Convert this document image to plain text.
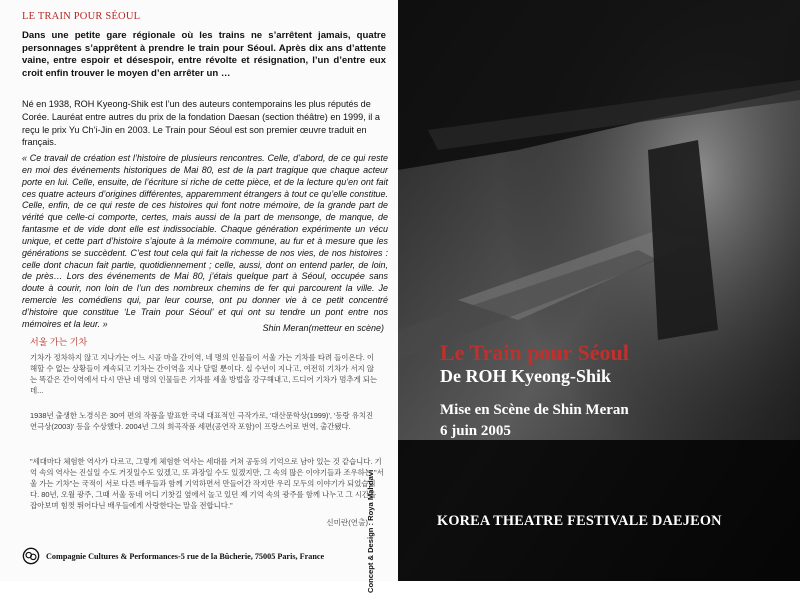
LE TRAIN POUR SÉOUL
Dans une petite gare régionale où les trains ne s’arrêtent jamais, quatre personnages s’apprêtent à prendre le train pour Séoul. Après dix ans d’attente vaine, entre espoir et désespoir, entre révolte et résignation, l’un d’entre eux croit enfin trouver le moyen d’en arrêter un …
Né en 1938, ROH Kyeong-Shik est l’un des auteurs contemporains les plus réputés de Corée. Lauréat entre autres du prix de la fondation Daesan (section théâtre) en 1999, il a reçu le prix Yu Ch’i-Jin en 2003. Le Train pour Séoul est son premier œuvre traduit en français.
« Ce travail de création est l’histoire de plusieurs rencontres. Celle, d’abord, de ce qui reste en moi des événements historiques de Mai 80, est de la part tragique que chaque acteur porte en lui. Celle, ensuite, de l’écriture si riche de cette pièce, et de la lecture qu’en ont fait ces quatre acteurs d’origines différentes, apparemment étrangers à tout ce qu’elle constitue. Celle, enfin, de ce qui reste de ces histoires qui font notre mémoire, de la grande part de vérité que celle-ci comporte, certes, mais aussi de la part de mensonge, de manque, de fantasme et de vide dont elle est indissociable. Chaque génération expérimente un vécu unique, et cette part d’histoire s’ajoute à la mémoire commune, au fur et à mesure que les générations se succèdent. C’est tout cela qui fait la richesse de nos vies, de nos histoires : celle dont chacun fait partie, quotidiennement ; celle, aussi, dont on entend parler, de loin, de près… Lors des événements de Mai 80, j’étais quelque part à Séoul, occupée sans doute à courir, non loin de l’un des nombreux chemins de fer qui parcourent la ville. Je remercie les comédiens qui, par leur course, ont pu donner vie à ce petit concentré d’histoire que constitue ‘Le Train pour Séoul’ et qui ont su tendre un pont entre nos mémoires et la leur. »	Shin Meran(metteur en scène)
서울 가는 기차
기차가 정차하지 않고 지나가는 어느 시골 마을 간이역, 네 명의 인물들이 서울 가는 기차를 타려 들이온다. 이해할 수 없는 상황들이 계속되고 기차는 간이역을 지나 달릴 뿐이다. 십 수년이 지나고, 여전히 기차가 서지 않는 똑같은 간이역에서 다시 만난 네 명의 인물들은 기차를 세울 방법을 강구해내고, 드디어 기차가 멈추게 되는데...
1938년 출생한 노경식은 30여 편의 작품을 발표한 국내 대표적인 극작가로, '대산문학상(1999)', '동랑 유치진 연극상(2003)' 등을 수상했다. 2004년 그의 희곡작품 세편(공연작 포함)이 프랑스어로 번역, 출간됐다.
"세대마다 체험한 역사가 다르고, 그렇게 체험한 역사는 세대를 거쳐 공동의 기억으로 남아 있는 것 같습니다. 기억 속의 역사는 진실일 수도 거짓일수도 있겠고, 또 과장일 수도 있겠지만, 그 속의 많은 이야기들과 조우하는 "서울 가는 기차"는 국적이 서로 다른 배우들과 함께 기억하면서 만들어간 작지만 우리 모두의 이야기가 되었습니다. 80년, 오월 광주, 그때 서울 동네 어디 기찻길 옆에서 놀고 있던 제 기억 속의 광주를 함께 나누고 그 시간을 잡아보며 힘껏 뛰어다닌 배우들에게 사랑한다는 말을 전합니다."
신미란(연출)
Concept & Design : Roya Mahdavi
Compagnie Cultures & Performances-5 rue de la Bûcherie, 75005 Paris, France
Le Train pour Séoul
De ROH Kyeong-Shik
Mise en Scène de Shin Meran
6 juin 2005
KOREA THEATRE FESTIVALE DAEJEON
